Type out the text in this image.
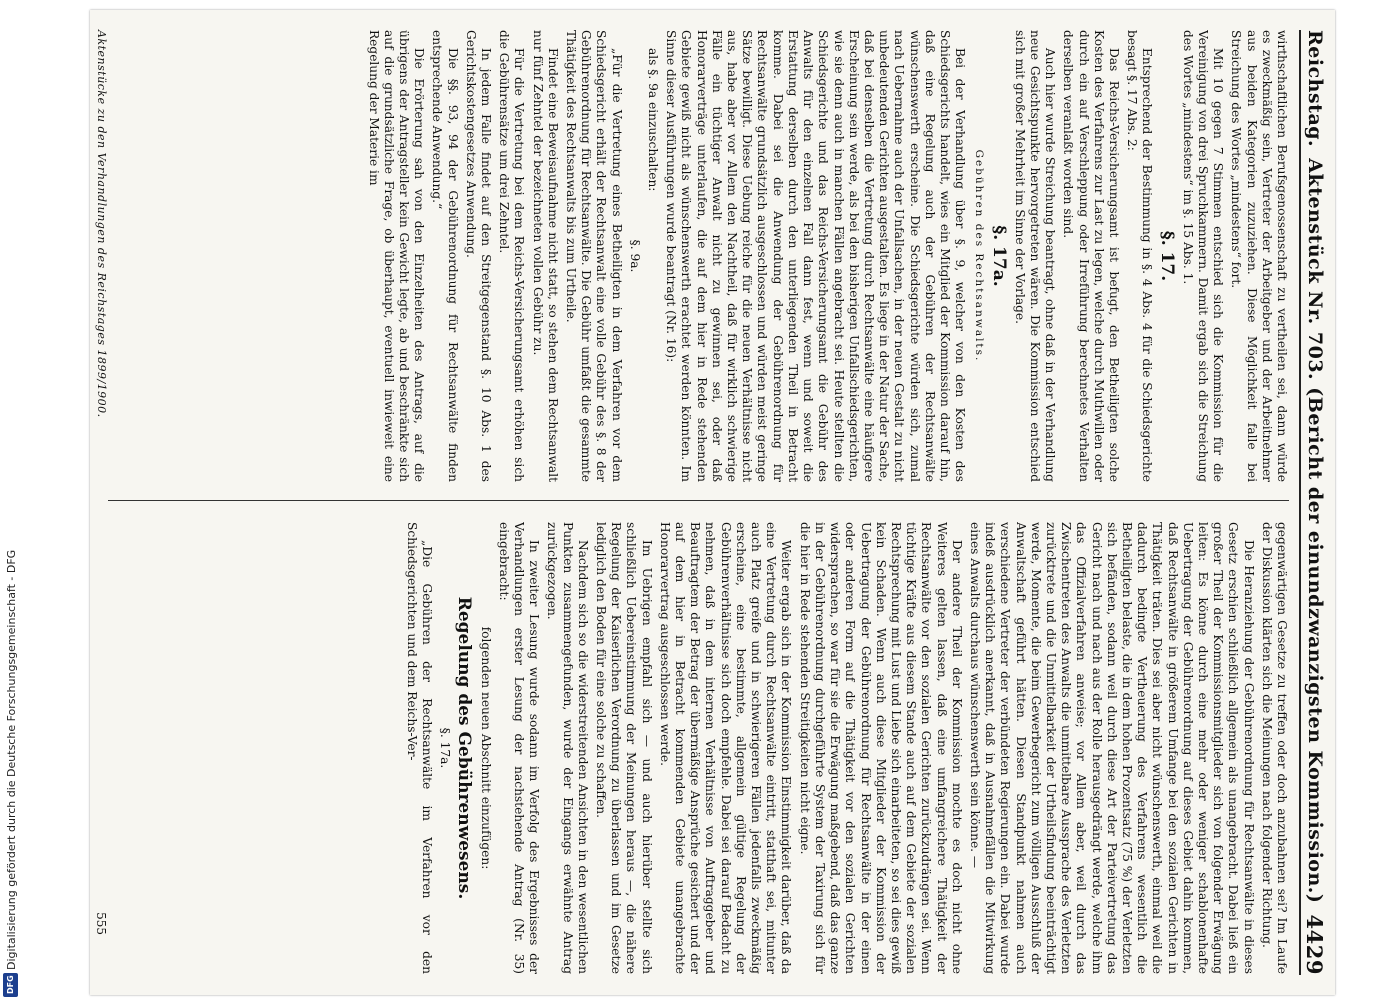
Digitalisierung gefördert durch die Deutsche Forschungsgemeinschaft - DFG
DFG
Reichstag.
Aktenstück Nr. 703. (Bericht der einundzwanzigsten Kommission.)
4429

wirthschaftlichen Berufsgenossenschaft zu vertheilen sei, dann würde es zweckmäßig sein, Vertreter der Arbeitgeber und der Arbeitnehmer aus beiden Kategorien zuzuziehen. Diese Möglichkeit falle bei Streichung des Wortes „mindestens“ fort.

Mit 10 gegen 7 Stimmen entschied sich die Kommission für die Vereinigung von drei Spruchkammern. Damit ergab sich die Streichung des Wortes „mindestens“ im §. 15 Abs. 1.

§. 17.

Entsprechend der Bestimmung in §. 4 Abs. 4 für die Schiedsgerichte besagt §. 17 Abs. 2:

Das Reichs-Versicherungsamt ist befugt, den Betheiligten solche Kosten des Verfahrens zur Last zu legen, welche durch Muthwillen oder durch ein auf Verschleppung oder Irreführung berechnetes Verhalten derselben veranlaßt worden sind.

Auch hier wurde Streichung beantragt, ohne daß in der Verhandlung neue Gesichtspunkte hervorgetreten wären. Die Kommission entschied sich mit großer Mehrheit im Sinne der Vorlage.

§. 17a.

Gebühren des Rechtsanwalts.

Bei der Verhandlung über §. 9, welcher von den Kosten des Schiedsgerichts handelt, wies ein Mitglied der Kommission darauf hin, daß eine Regelung auch der Gebühren der Rechtsanwälte wünschenswerth erscheine. Die Schiedsgerichte würden sich, zumal nach Uebernahme auch der Unfallsachen, in der neuen Gestalt zu nicht unbedeutenden Gerichten ausgestalten. Es liege in der Natur der Sache, daß bei denselben die Vertretung durch Rechtsanwälte eine häufigere Erscheinung sein werde, als bei den bisherigen Unfallschiedsgerichten, wie sie denn auch in manchen Fällen angebracht sei. Heute stellten die Schiedsgerichte und das Reichs-Versicherungsamt die Gebühr des Anwalts für den einzelnen Fall dann fest, wenn und soweit die Erstattung derselben durch den unterliegenden Theil in Betracht komme. Dabei sei die Anwendung der Gebührenordnung für Rechtsanwälte grundsätzlich ausgeschlossen und würden meist geringe Sätze bewilligt. Diese Uebung reiche für die neuen Verhältnisse nicht aus, habe aber vor Allem den Nachtheil, daß für wirklich schwierige Fälle ein tüchtiger Anwalt nicht zu gewinnen sei, oder daß Honorarverträge unterlaufen, die auf dem hier in Rede stehenden Gebiete gewiß nicht als wünschenswerth erachtet werden könnten. Im Sinne dieser Ausführungen wurde beantragt (Nr. 16):

als §. 9a einzuschalten:

§. 9a.

„Für die Vertretung eines Betheiligten in dem Verfahren vor dem Schiedsgericht erhält der Rechtsanwalt eine volle Gebühr des §. 8 der Gebührenordnung für Rechtsanwälte. Die Gebühr umfaßt die gesammte Thätigkeit des Rechtsanwalts bis zum Urtheile.

Findet eine Beweisaufnahme nicht statt, so stehen dem Rechtsanwalt nur fünf Zehntel der bezeichneten vollen Gebühr zu.

Für die Vertretung bei dem Reichs-Versicherungsamt erhöhen sich die Gebührensätze um drei Zehntel.

In jedem Falle findet auf den Streitgegenstand §. 10 Abs. 1 des Gerichtskostengesetzes Anwendung.

Die §§. 93, 94 der Gebührenordnung für Rechtsanwälte finden entsprechende Anwendung.“

Die Erörterung sah von den Einzelheiten des Antrags, auf die übrigens der Antragsteller kein Gewicht legte, ab und beschränkte sich auf die grundsätzliche Frage, ob überhaupt, eventuell inwieweit eine Regelung der Materie im

gegenwärtigen Gesetze zu treffen oder doch anzubahnen sei? Im Laufe der Diskussion klärten sich die Meinungen nach folgender Richtung.

Die Heranziehung der Gebührenordnung für Rechtsanwälte in dieses Gesetz erschien schließlich allgemein als unangebracht. Dabei ließ ein großer Theil der Kommissionsmitglieder sich von folgender Erwägung leiten: Es könne durch eine mehr oder weniger schablonenhafte Uebertragung der Gebührenordnung auf dieses Gebiet dahin kommen, daß Rechtsanwälte in größerem Umfange bei den sozialen Gerichten in Thätigkeit träten. Dies sei aber nicht wünschenswerth, einmal weil die dadurch bedingte Vertheuerung des Verfahrens wesentlich die Betheiligten belaste, die in dem hohen Prozentsatz (75 %) der Verletzten sich befänden, sodann weil durch diese Art der Parteivertretung das Gericht nach und nach aus der Rolle herausgedrängt werde, welche ihm das Offizialverfahren anweise; vor Allem aber, weil durch das Zwischentreten des Anwalts die unmittelbare Aussprache des Verletzten zurücktrete und die Unmittelbarkeit der Urtheilsfindung beeinträchtigt werde, Momente, die beim Gewerbegericht zum völligen Ausschluß der Anwaltschaft geführt hätten. Diesen Standpunkt nahmen auch verschiedene Vertreter der verbündeten Regierungen ein. Dabei wurde indeß ausdrücklich anerkannt, daß in Ausnahmefällen die Mitwirkung eines Anwalts durchaus wünschenswerth sein könne. —

Der andere Theil der Kommission mochte es doch nicht ohne Weiteres gelten lassen, daß eine umfangreichere Thätigkeit der Rechtsanwälte vor den sozialen Gerichten zurückzudrängen sei. Wenn tüchtige Kräfte aus diesem Stande auch auf dem Gebiete der sozialen Rechtsprechung mit Lust und Liebe sich einarbeiteten, so sei dies gewiß kein Schaden. Wenn auch diese Mitglieder der Kommission der Uebertragung der Gebührenordnung für Rechtsanwälte in der einen oder anderen Form auf die Thätigkeit vor den sozialen Gerichten widersprachen, so war für sie die Erwägung maßgebend, daß das ganze in der Gebührenordnung durchgeführte System der Taxirung sich für die hier in Rede stehenden Streitigkeiten nicht eigne.

Weiter ergab sich in der Kommission Einstimmigkeit darüber, daß da eine Vertretung durch Rechtsanwälte eintritt, statthaft sei, mitunter auch Platz greife und in schwierigeren Fällen jedenfalls zweckmäßig erscheine, eine bestimmte, allgemein gültige Regelung der Gebührenverhältnisse sich doch empfehle. Dabei sei darauf Bedacht zu nehmen, daß in dem internen Verhältnisse von Auftraggeber und Beauftragtem der Betrag der übermäßige Ansprüche gesichert und der auf dem hier in Betracht kommenden Gebiete unangebrachte Honorarvertrag ausgeschlossen werde.

Im Uebrigen empfahl sich — und auch hierüber stellte sich schließlich Uebereinstimmung der Meinungen heraus —, die nähere Regelung der Kaiserlichen Verordnung zu überlassen und im Gesetze lediglich den Boden für eine solche zu schaffen.

Nachdem sich so die widerstreitenden Ansichten in den wesentlichen Punkten zusammengefunden, wurde der Eingangs erwähnte Antrag zurückgezogen.

In zweiter Lesung wurde sodann im Verfolg des Ergebnisses der Verhandlungen erster Lesung der nachstehende Antrag (Nr. 35) eingebracht:

folgenden neuen Abschnitt einzufügen:

Regelung des Gebührenwesens.

§. 17a.

„Die Gebühren der Rechtsanwälte im Verfahren vor den Schiedsgerichten und dem Reichs-Ver-

Aktenstücke zu den Verhandlungen des Reichstages 1899/1900.
555
